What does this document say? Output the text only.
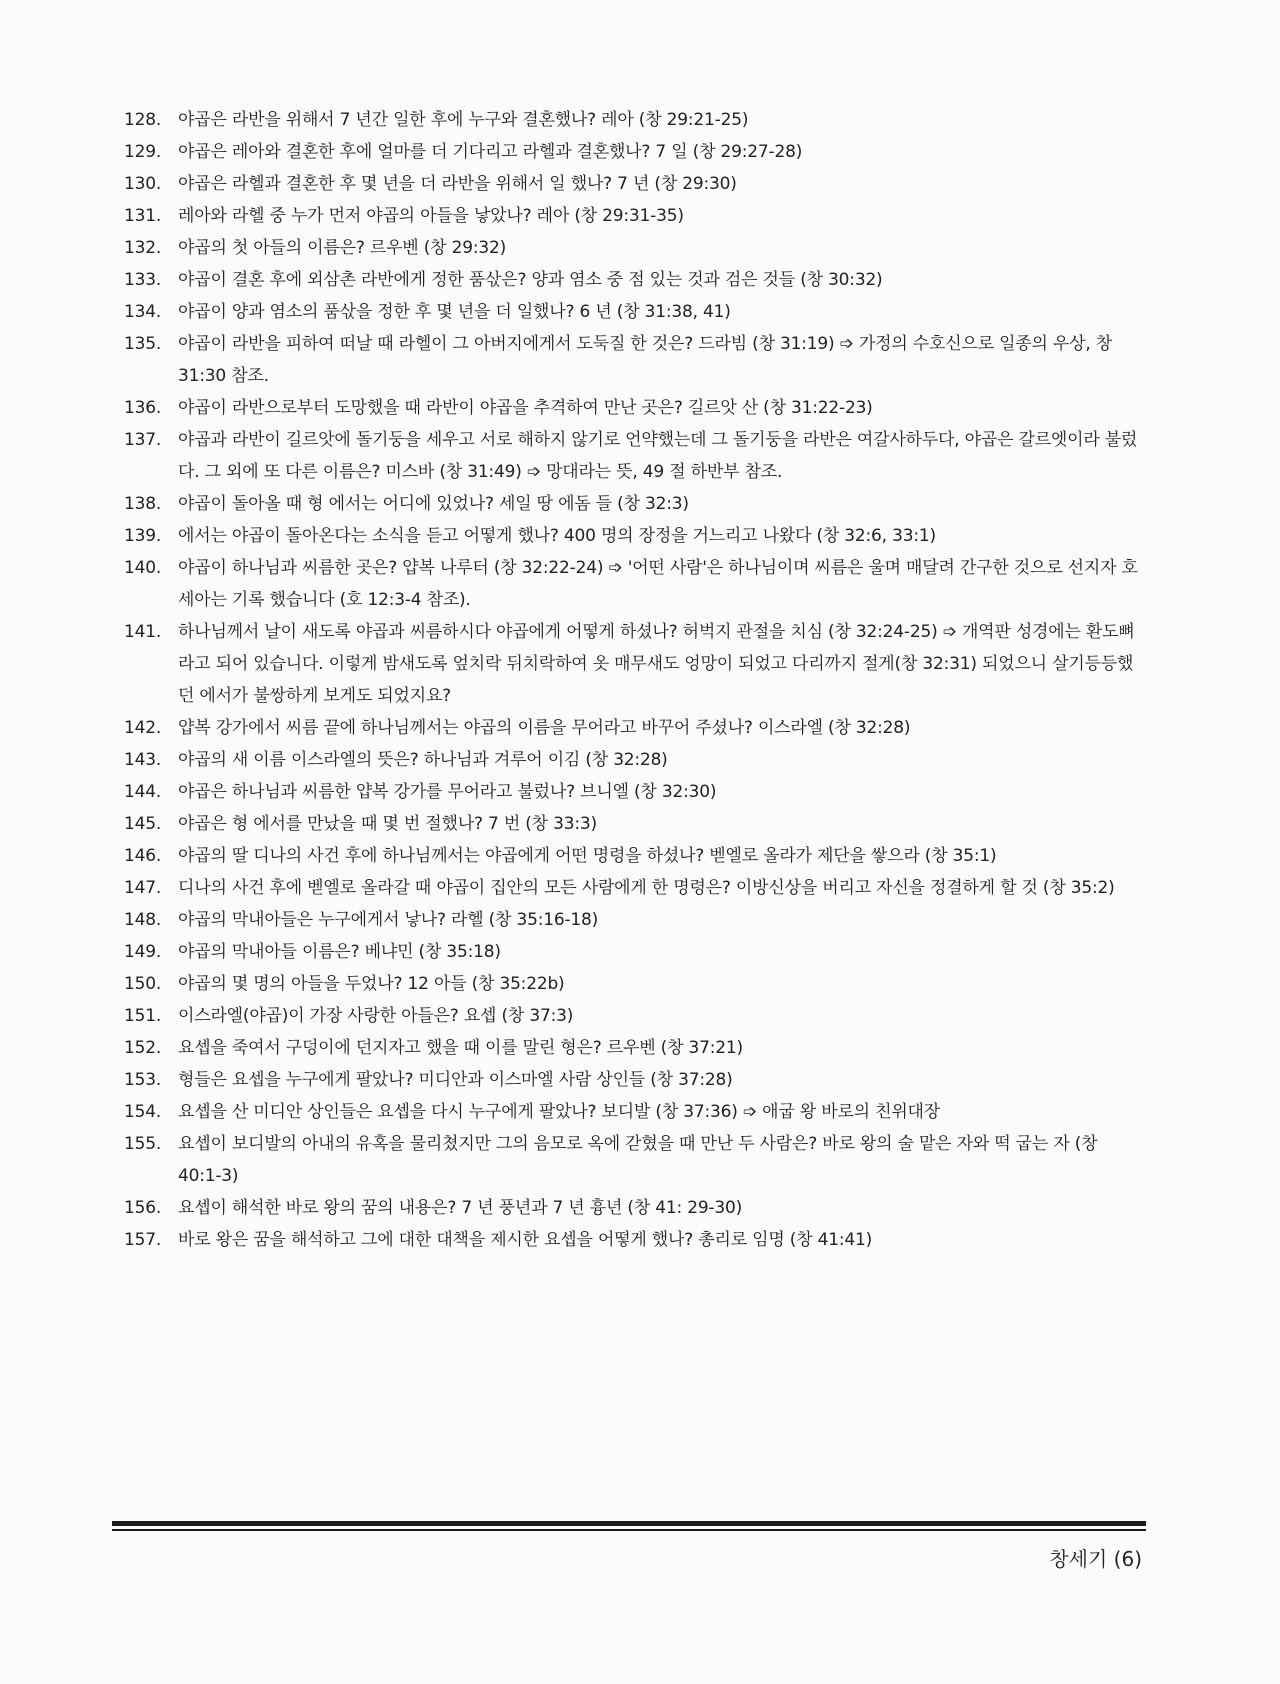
128. 야곱은 라반을 위해서 7 년간 일한 후에 누구와 결혼했나? 레아 (창 29:21-25)
129. 야곱은 레아와 결혼한 후에 얼마를 더 기다리고 라헬과 결혼했나? 7 일 (창 29:27-28)
130. 야곱은 라헬과 결혼한 후 몇 년을 더 라반을 위해서 일 했나? 7 년 (창 29:30)
131. 레아와 라헬 중 누가 먼저 야곱의 아들을 낳았나? 레아 (창 29:31-35)
132. 야곱의 첫 아들의 이름은? 르우벤 (창 29:32)
133. 야곱이 결혼 후에 외삼촌 라반에게 정한 품삯은? 양과 염소 중 점 있는 것과 검은 것들 (창 30:32)
134. 야곱이 양과 염소의 품삯을 정한 후 몇 년을 더 일했나? 6 년 (창 31:38, 41)
135. 야곱이 라반을 피하여 떠날 때 라헬이 그 아버지에게서 도둑질 한 것은? 드라빔 (창 31:19) ➩ 가정의 수호신으로 일종의 우상, 창 31:30 참조.
136. 야곱이 라반으로부터 도망했을 때 라반이 야곱을 추격하여 만난 곳은? 길르앗 산 (창 31:22-23)
137. 야곱과 라반이 길르앗에 돌기둥을 세우고 서로 해하지 않기로 언약했는데 그 돌기둥을 라반은 여갈사하두다, 야곱은 갈르엣이라 불렀다. 그 외에 또 다른 이름은? 미스바 (창 31:49) ➩ 망대라는 뜻, 49 절 하반부 참조.
138. 야곱이 돌아올 때 형 에서는 어디에 있었나? 세일 땅 에돔 들 (창 32:3)
139. 에서는 야곱이 돌아온다는 소식을 듣고 어떻게 했나? 400 명의 장정을 거느리고 나왔다 (창 32:6, 33:1)
140. 야곱이 하나님과 씨름한 곳은? 얍복 나루터 (창 32:22-24) ➩ '어떤 사람'은 하나님이며 씨름은 울며 매달려 간구한 것으로 선지자 호세아는 기록 했습니다 (호 12:3-4 참조).
141. 하나님께서 날이 새도록 야곱과 씨름하시다 야곱에게 어떻게 하셨나? 허벅지 관절을 치심 (창 32:24-25) ➩ 개역판 성경에는 환도뼈라고 되어 있습니다. 이렇게 밤새도록 엎치락 뒤치락하여 옷 매무새도 엉망이 되었고 다리까지 절게(창 32:31) 되었으니 살기등등했던 에서가 불쌍하게 보게도 되었지요?
142. 얍복 강가에서 씨름 끝에 하나님께서는 야곱의 이름을 무어라고 바꾸어 주셨나? 이스라엘 (창 32:28)
143. 야곱의 새 이름 이스라엘의 뜻은? 하나님과 겨루어 이김 (창 32:28)
144. 야곱은 하나님과 씨름한 얍복 강가를 무어라고 불렀나? 브니엘 (창 32:30)
145. 야곱은 형 에서를 만났을 때 몇 번 절했나? 7 번 (창 33:3)
146. 야곱의 딸 디나의 사건 후에 하나님께서는 야곱에게 어떤 명령을 하셨나? 벧엘로 올라가 제단을 쌓으라 (창 35:1)
147. 디나의 사건 후에 벧엘로 올라갈 때 야곱이 집안의 모든 사람에게 한 명령은? 이방신상을 버리고 자신을 정결하게 할 것 (창 35:2)
148. 야곱의 막내아들은 누구에게서 낳나? 라헬 (창 35:16-18)
149. 야곱의 막내아들 이름은? 베냐민 (창 35:18)
150. 야곱의 몇 명의 아들을 두었나? 12 아들 (창 35:22b)
151. 이스라엘(야곱)이 가장 사랑한 아들은? 요셉 (창 37:3)
152. 요셉을 죽여서 구덩이에 던지자고 했을 때 이를 말린 형은? 르우벤 (창 37:21)
153. 형들은 요셉을 누구에게 팔았나? 미디안과 이스마엘 사람 상인들 (창 37:28)
154. 요셉을 산 미디안 상인들은 요셉을 다시 누구에게 팔았나? 보디발 (창 37:36) ➩ 애굽 왕 바로의 친위대장
155. 요셉이 보디발의 아내의 유혹을 물리쳤지만 그의 음모로 옥에 갇혔을 때 만난 두 사람은? 바로 왕의 술 맡은 자와 떡 굽는 자 (창 40:1-3)
156. 요셉이 해석한 바로 왕의 꿈의 내용은? 7 년 풍년과 7 년 흉년 (창 41: 29-30)
157. 바로 왕은 꿈을 해석하고 그에 대한 대책을 제시한 요셉을 어떻게 했나? 총리로 임명 (창 41:41)
창세기 (6)
